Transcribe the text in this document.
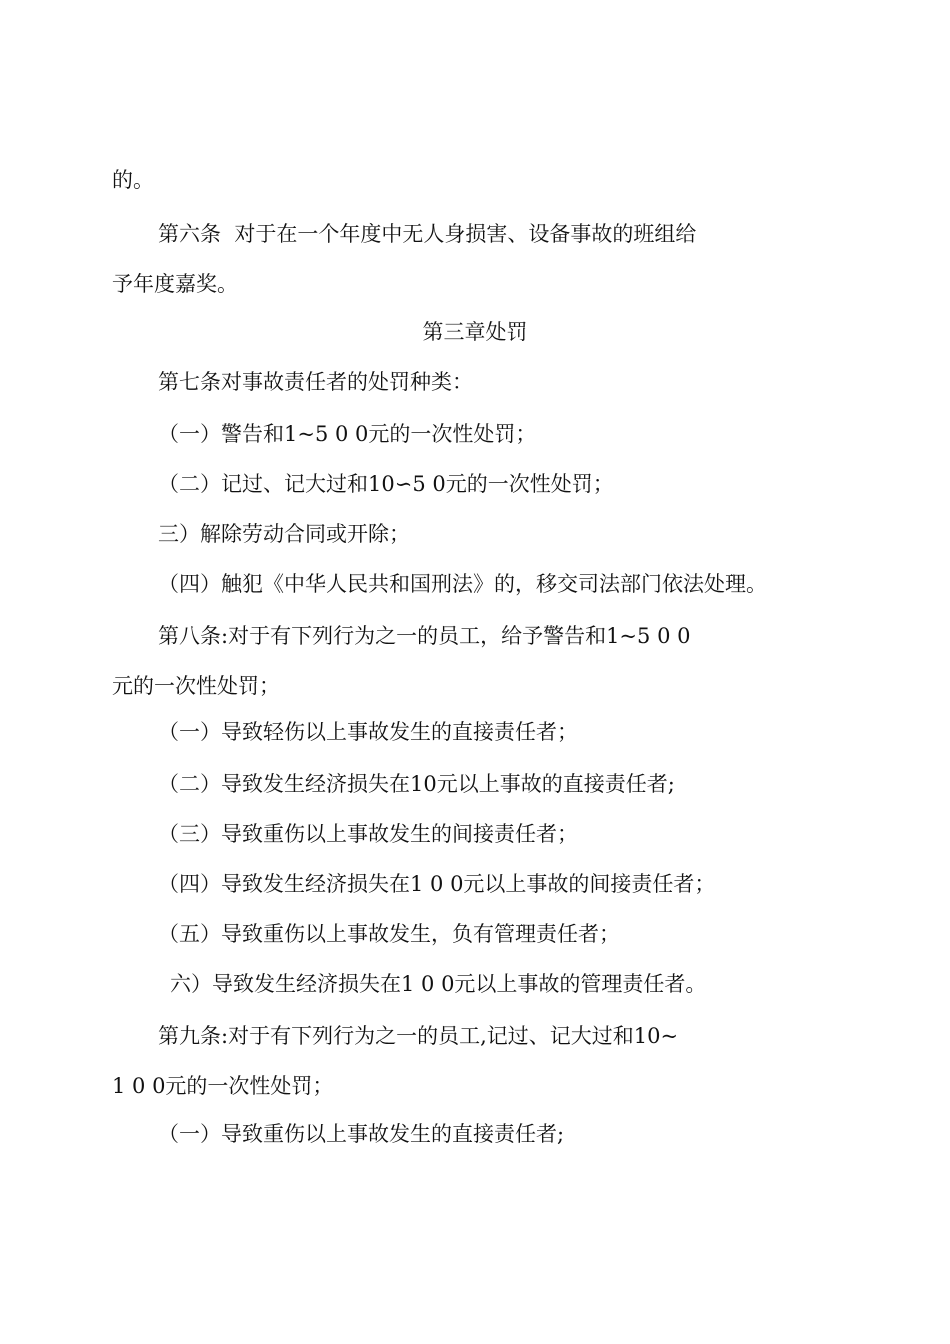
的。

第六条  对于在一个年度中无人身损害、设备事故的班组给

予年度嘉奖。

第三章处罚

第七条对事故责任者的处罚种类：

（一）警告和1~5 0 0元的一次性处罚；

（二）记过、记大过和10∽5 0元的一次性处罚；

三）解除劳动合同或开除；

（四）触犯《中华人民共和国刑法》的，移交司法部门依法处理。

第八条:对于有下列行为之一的员工，给予警告和1~5 0 0

元的一次性处罚；

（一）导致轻伤以上事故发生的直接责任者；

（二）导致发生经济损失在10元以上事故的直接责任者;

（三）导致重伤以上事故发生的间接责任者；

（四）导致发生经济损失在1 0 0元以上事故的间接责任者；

（五）导致重伤以上事故发生，负有管理责任者；

六）导致发生经济损失在1 0 0元以上事故的管理责任者。

第九条:对于有下列行为之一的员工,记过、记大过和10~

1 0 0元的一次性处罚；

（一）导致重伤以上事故发生的直接责任者;
